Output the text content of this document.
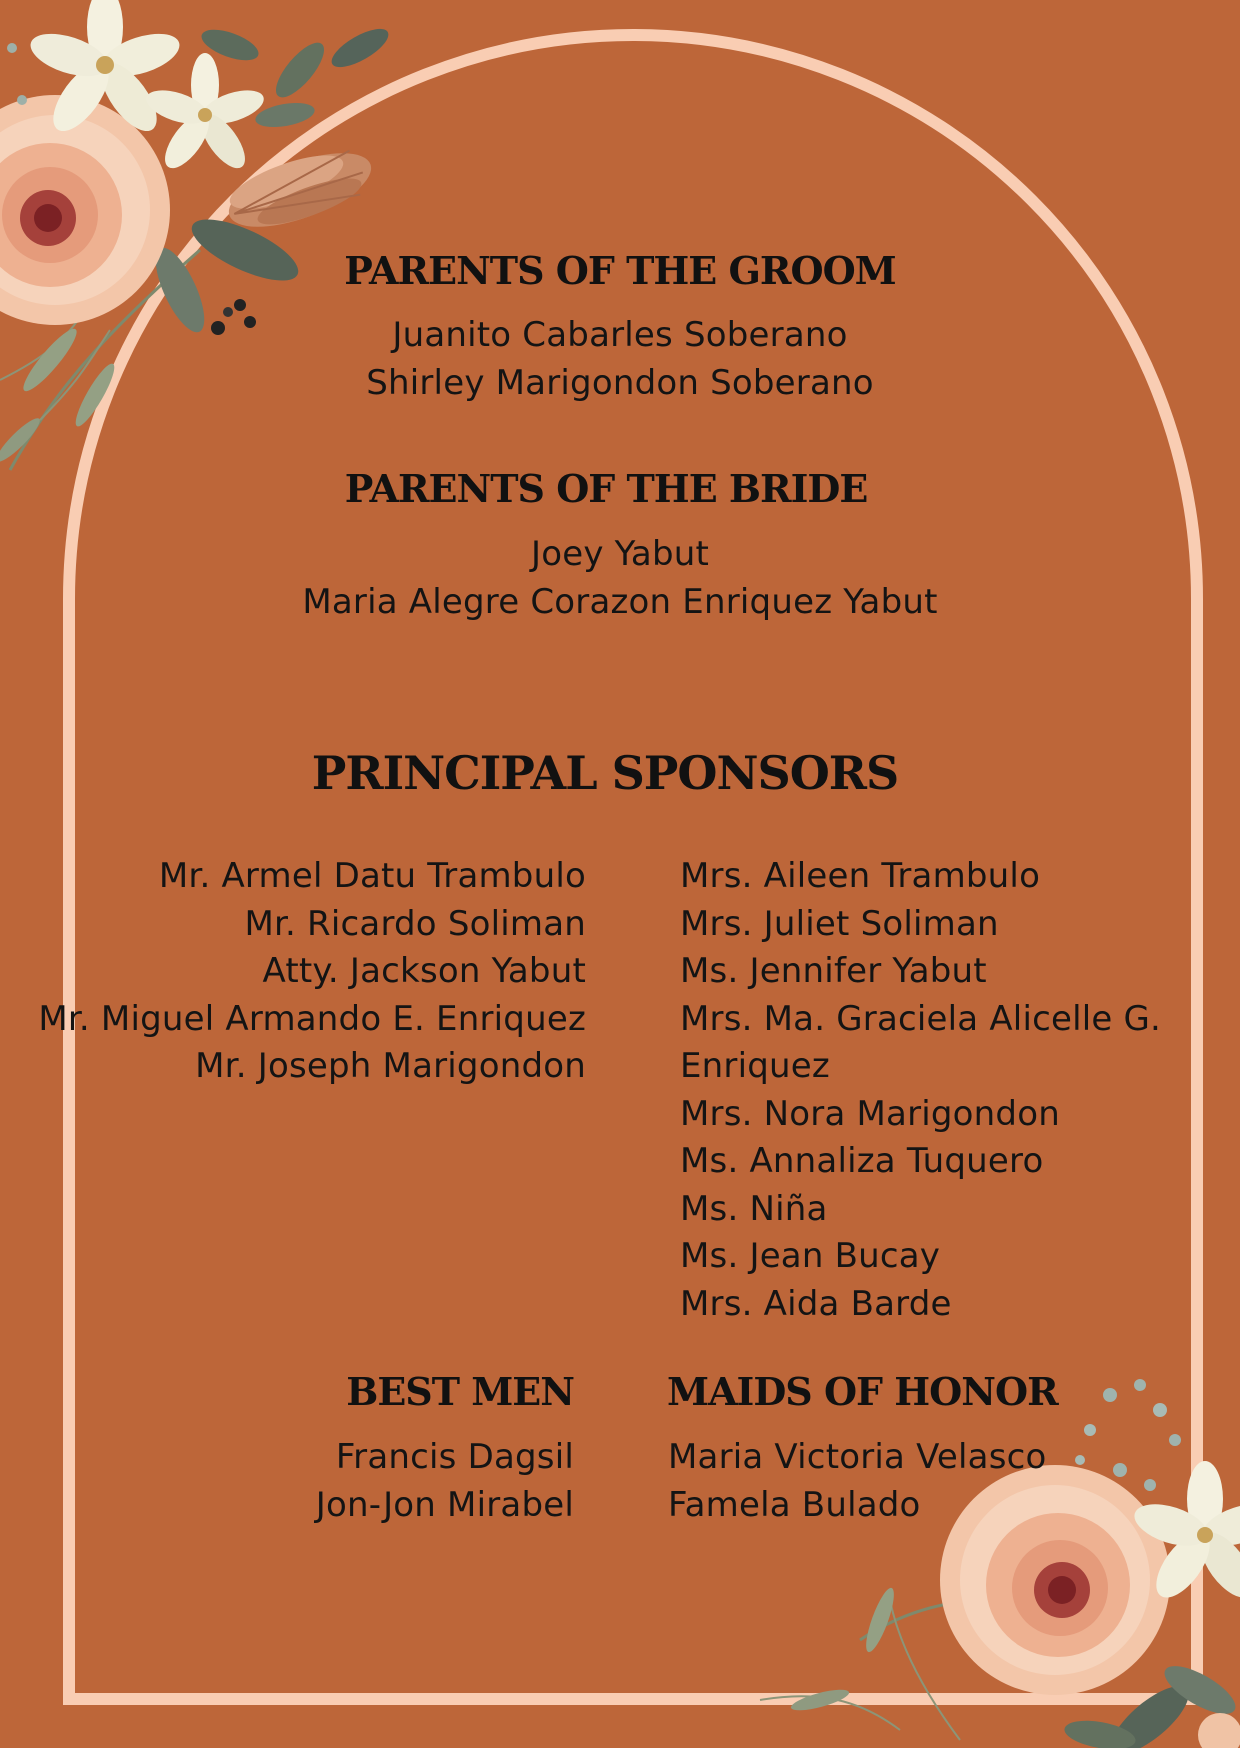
PARENTS OF THE GROOM
Juanito Cabarles Soberano
Shirley Marigondon Soberano
PARENTS OF THE BRIDE
Joey Yabut
Maria Alegre Corazon Enriquez Yabut
PRINCIPAL SPONSORS
Mr. Armel Datu Trambulo
Mr. Ricardo Soliman
Atty. Jackson Yabut
Mr. Miguel Armando E. Enriquez
Mr. Joseph Marigondon
Mrs. Aileen Trambulo
Mrs. Juliet Soliman
Ms. Jennifer Yabut
Mrs. Ma. Graciela Alicelle G.
Enriquez
Mrs. Nora Marigondon
Ms. Annaliza Tuquero
Ms. Niña
Ms. Jean Bucay
Mrs. Aida Barde
BEST MEN
Francis Dagsil
Jon-Jon Mirabel
MAIDS OF HONOR
Maria Victoria Velasco
Famela Bulado
